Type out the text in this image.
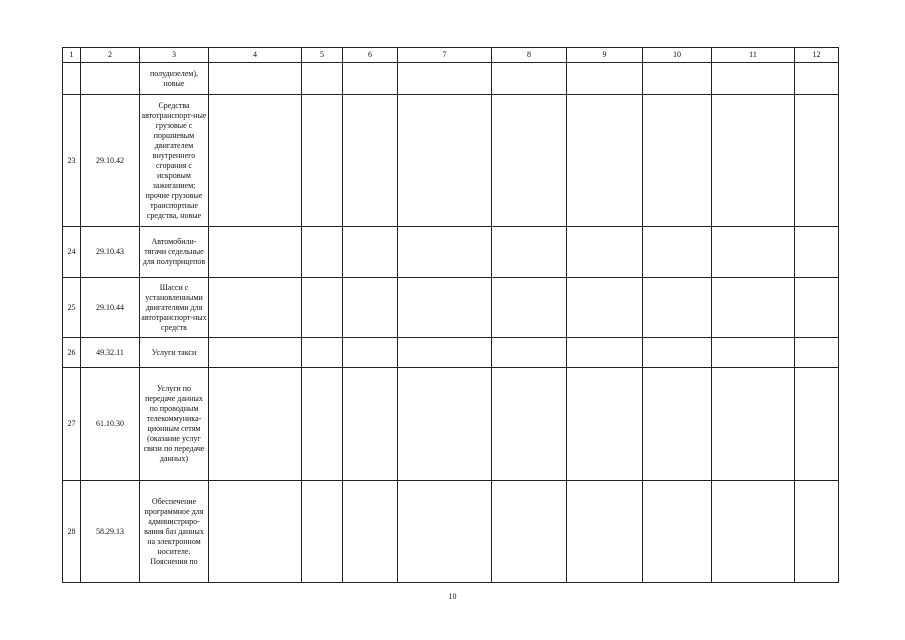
1	2	3	4	5	6	7	8	9	10	11	12
		полудизелем), новые									
23	29.10.42	Средства автотранспорт-ные грузовые с поршневым двигателем внутреннего сгорания с искровым зажиганием; прочие грузовые транспортные средства, новые									
24	29.10.43	Автомобили-тягачи седельные для полуприцепов									
25	29.10.44	Шасси с установленными двигателями для автотранспорт-ных средств									
26	49.32.11	Услуги такси									
27	61.10.30	Услуги по передаче данных по проводным телекоммуника-ционным сетям (оказание услуг связи по передаче данных)									
28	58.29.13	Обеспечение программное для администриро-вания баз данных на электронном носителе. Пояснения по									
10
